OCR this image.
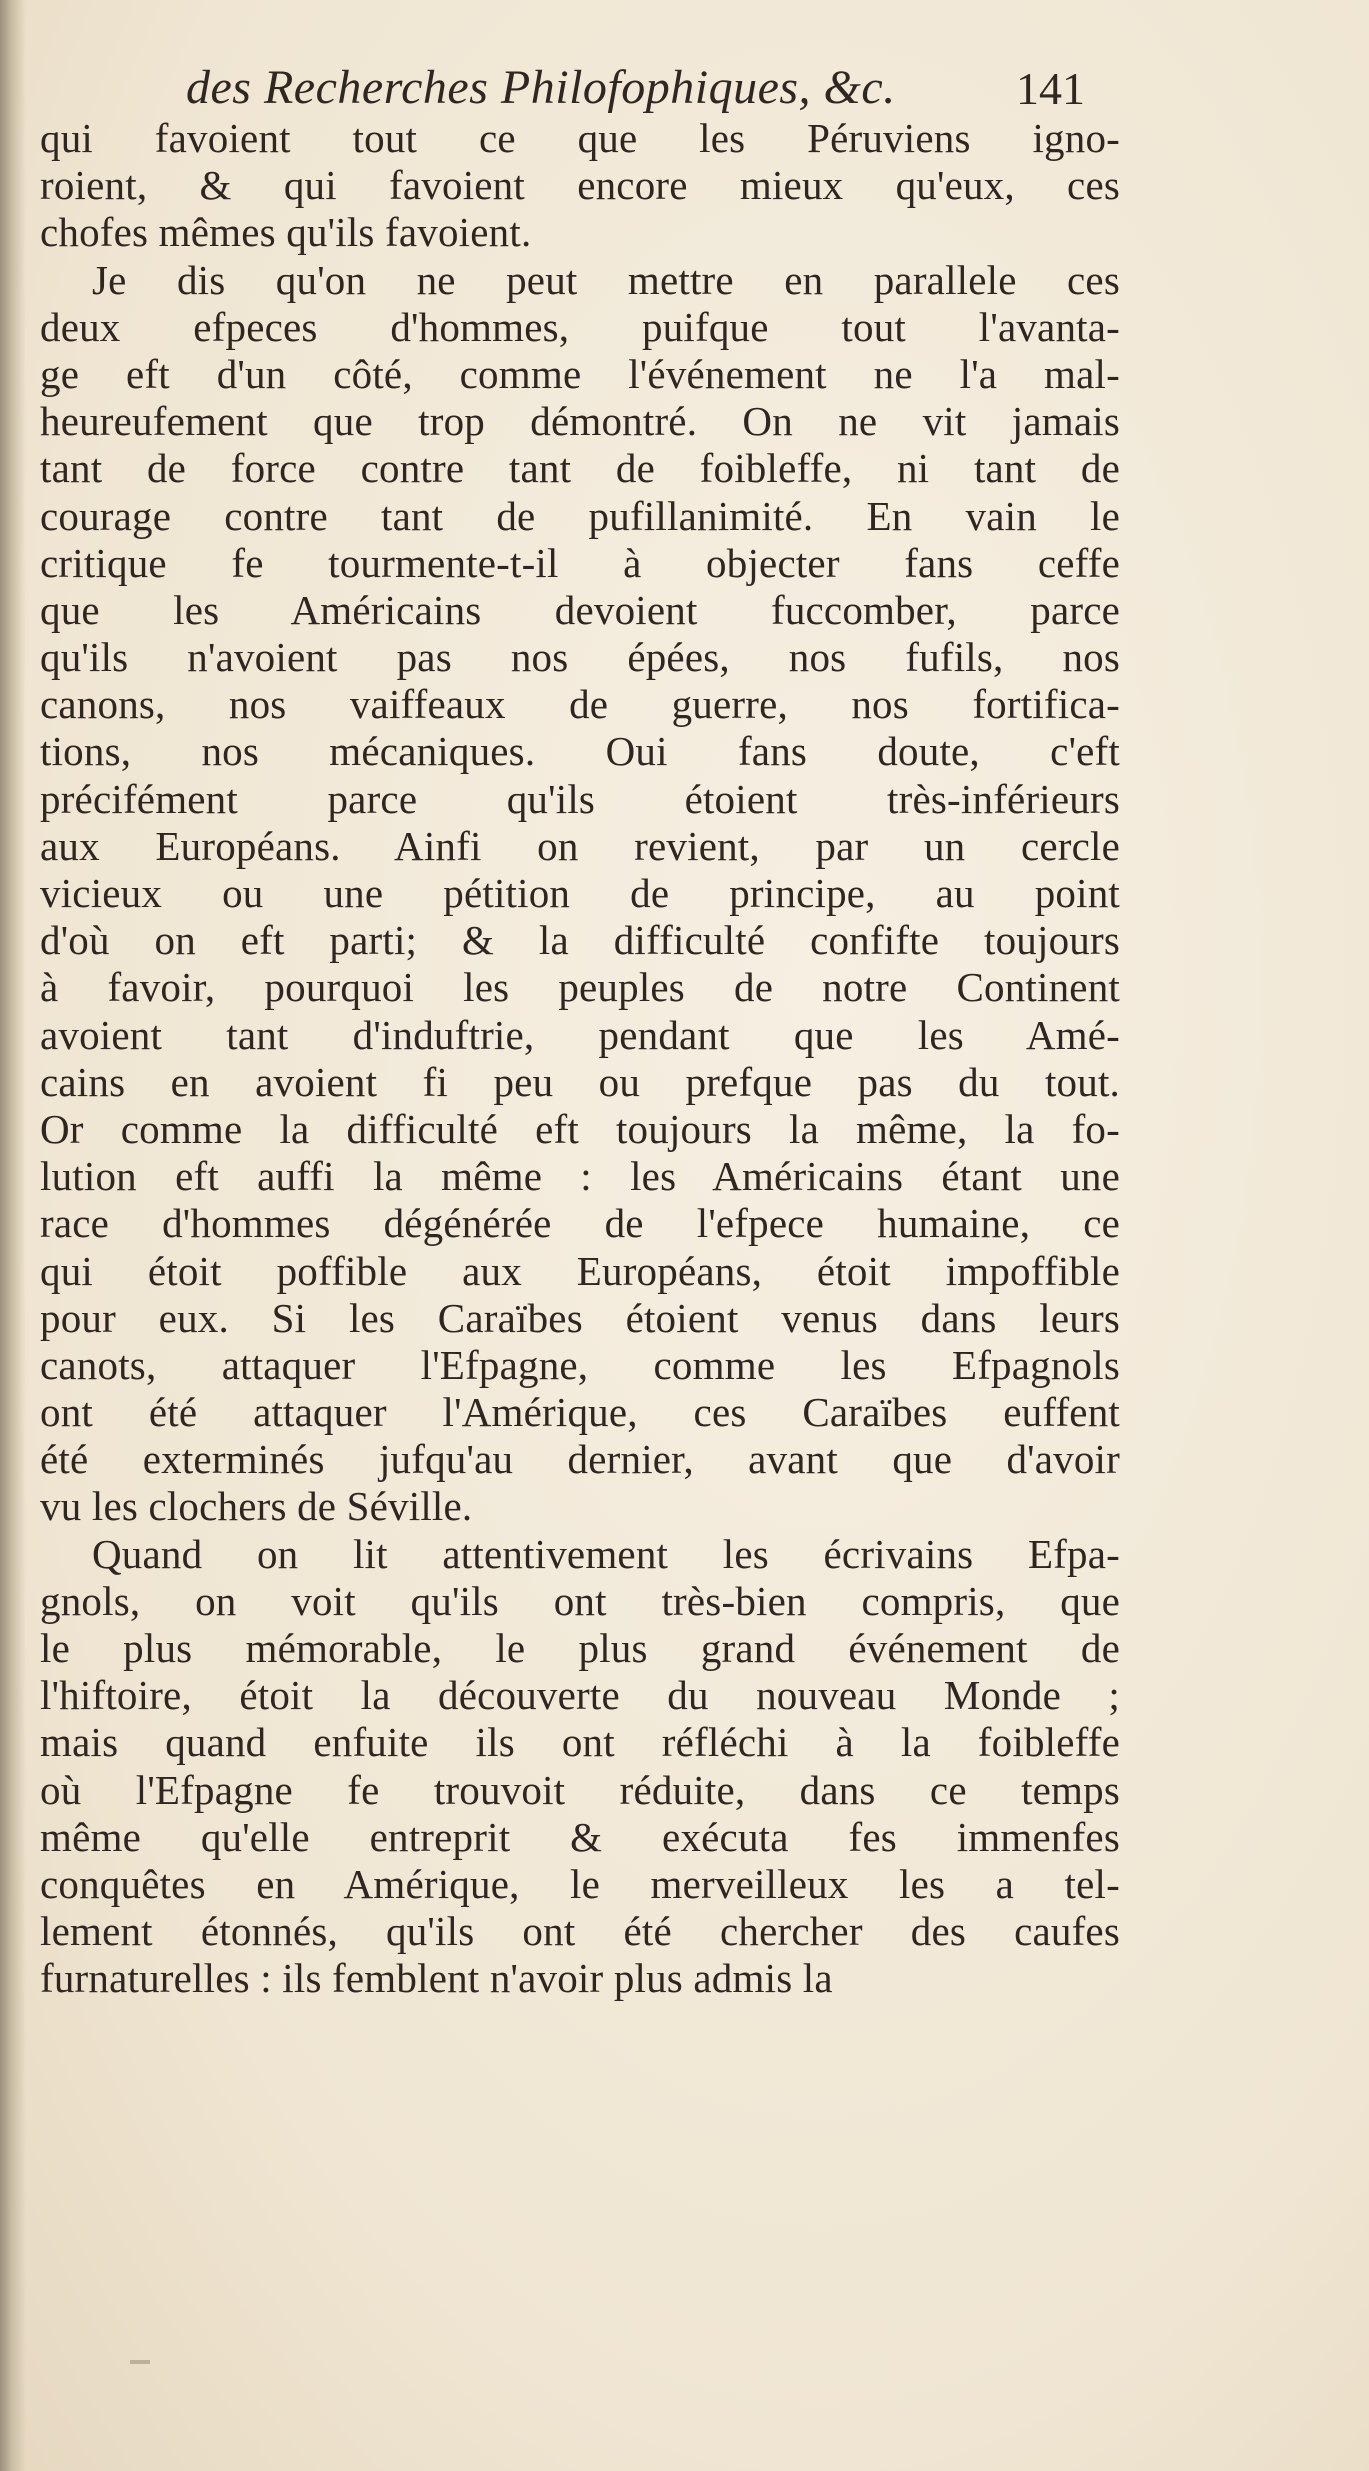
des Recherches Philofophiques, &c.	141
qui favoient tout ce que les Péruviens igno-
roient, & qui favoient encore mieux qu'eux, ces
chofes mêmes qu'ils favoient.
Je dis qu'on ne peut mettre en parallele ces
deux efpeces d'hommes, puifque tout l'avanta-
ge eft d'un côté, comme l'événement ne l'a mal-
heureufement que trop démontré. On ne vit jamais
tant de force contre tant de foibleffe, ni tant de
courage contre tant de pufillanimité. En vain le
critique fe tourmente-t-il à objecter fans ceffe
que les Américains devoient fuccomber, parce
qu'ils n'avoient pas nos épées, nos fufils, nos
canons, nos vaiffeaux de guerre, nos fortifica-
tions, nos mécaniques. Oui fans doute, c'eft
précifément parce qu'ils étoient très-inférieurs
aux Européans. Ainfi on revient, par un cercle
vicieux ou une pétition de principe, au point
d'où on eft parti; & la difficulté confifte toujours
à favoir, pourquoi les peuples de notre Continent
avoient tant d'induftrie, pendant que les Amé-
cains en avoient fi peu ou prefque pas du tout.
Or comme la difficulté eft toujours la même, la fo-
lution eft auffi la même : les Américains étant une
race d'hommes dégénérée de l'efpece humaine, ce
qui étoit poffible aux Européans, étoit impoffible
pour eux. Si les Caraïbes étoient venus dans leurs
canots, attaquer l'Efpagne, comme les Efpagnols
ont été attaquer l'Amérique, ces Caraïbes euffent
été exterminés jufqu'au dernier, avant que d'avoir
vu les clochers de Séville.
Quand on lit attentivement les écrivains Efpa-
gnols, on voit qu'ils ont très-bien compris, que
le plus mémorable, le plus grand événement de
l'hiftoire, étoit la découverte du nouveau Monde ;
mais quand enfuite ils ont réfléchi à la foibleffe
où l'Efpagne fe trouvoit réduite, dans ce temps
même qu'elle entreprit & exécuta fes immenfes
conquêtes en Amérique, le merveilleux les a tel-
lement étonnés, qu'ils ont été chercher des caufes
furnaturelles : ils femblent n'avoir plus admis la
